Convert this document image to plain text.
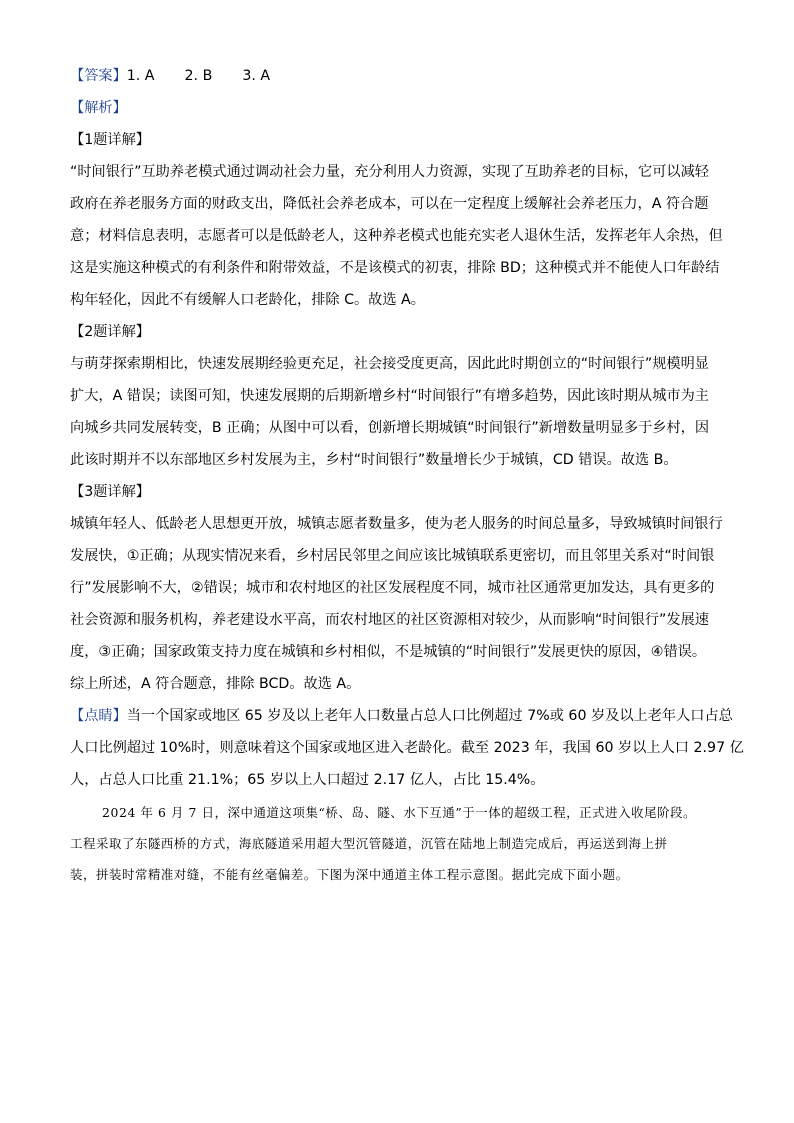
【答案】1. A 2. B 3. A
【解析】
【1题详解】
“时间银行”互助养老模式通过调动社会力量，充分利用人力资源，实现了互助养老的目标，它可以减轻
政府在养老服务方面的财政支出，降低社会养老成本，可以在一定程度上缓解社会养老压力，A 符合题
意；材料信息表明，志愿者可以是低龄老人，这种养老模式也能充实老人退休生活，发挥老年人余热，但
这是实施这种模式的有利条件和附带效益，不是该模式的初衷，排除 BD；这种模式并不能使人口年龄结
构年轻化，因此不有缓解人口老龄化，排除 C。故选 A。
【2题详解】
与萌芽探索期相比，快速发展期经验更充足，社会接受度更高，因此此时期创立的“时间银行”规模明显
扩大，A 错误；读图可知，快速发展期的后期新增乡村“时间银行”有增多趋势，因此该时期从城市为主
向城乡共同发展转变，B 正确；从图中可以看，创新增长期城镇“时间银行”新增数量明显多于乡村，因
此该时期并不以东部地区乡村发展为主，乡村“时间银行”数量增长少于城镇，CD 错误。故选 B。
【3题详解】
城镇年轻人、低龄老人思想更开放，城镇志愿者数量多，使为老人服务的时间总量多，导致城镇时间银行
发展快，①正确；从现实情况来看，乡村居民邻里之间应该比城镇联系更密切，而且邻里关系对“时间银
行”发展影响不大，②错误；城市和农村地区的社区发展程度不同，城市社区通常更加发达，具有更多的
社会资源和服务机构，养老建设水平高，而农村地区的社区资源相对较少，从而影响“时间银行”发展速
度，③正确；国家政策支持力度在城镇和乡村相似，不是城镇的“时间银行”发展更快的原因，④错误。
综上所述，A 符合题意，排除 BCD。故选 A。
【点睛】当一个国家或地区 65 岁及以上老年人口数量占总人口比例超过 7%或 60 岁及以上老年人口占总
人口比例超过 10%时，则意味着这个国家或地区进入老龄化。截至 2023 年，我国 60 岁以上人口 2.97 亿
人，占总人口比重 21.1%；65 岁以上人口超过 2.17 亿人，占比 15.4%。
2024 年 6 月 7 日，深中通道这项集“桥、岛、隧、水下互通”于一体的超级工程，正式进入收尾阶段。
工程采取了东隧西桥的方式，海底隧道采用超大型沉管隧道，沉管在陆地上制造完成后，再运送到海上拼
装，拼装时常精准对缝，不能有丝毫偏差。下图为深中通道主体工程示意图。据此完成下面小题。
